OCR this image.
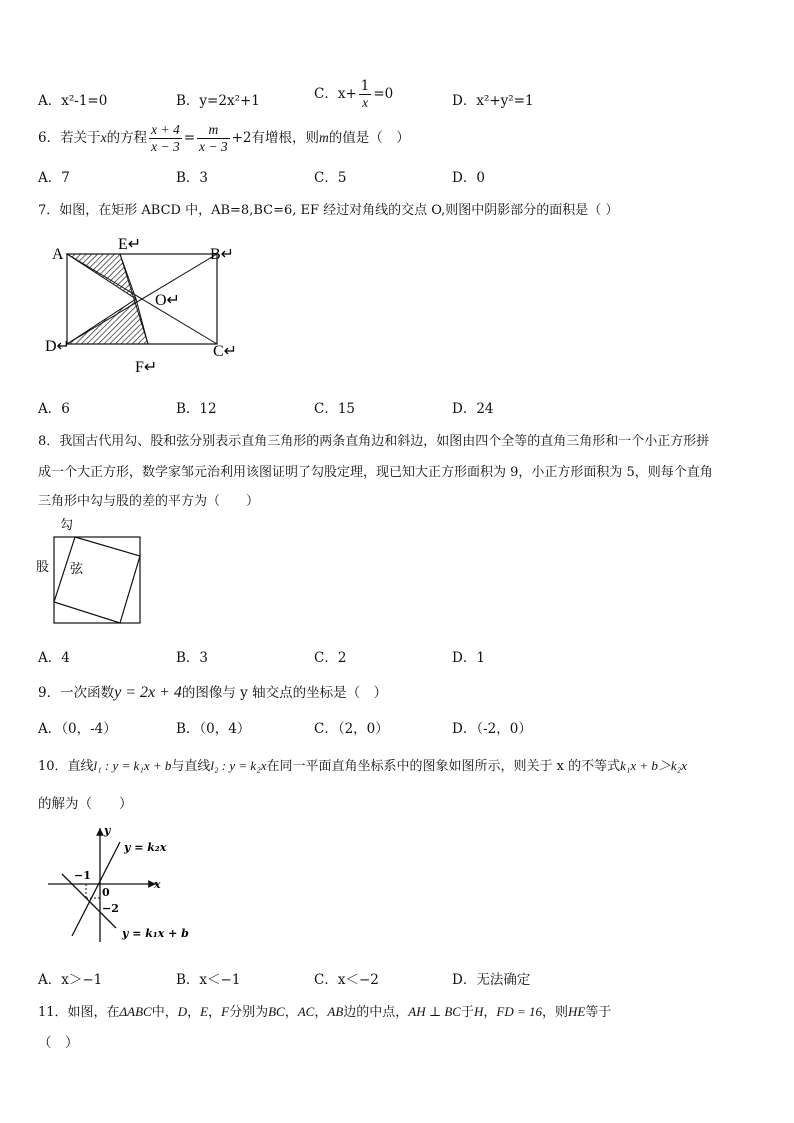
A．x²-1=0	B．y=2x²+1	C．$x+ \frac{1}{x} =0$	D．x²+y²=1
6．若关于x的方程 $\frac{x + 4}{x - 3} = \frac{m}{x - 3} +2$有增根，则m的值是（　）
A．7	B．3	C．5	D．0
7．如图，在矩形 ABCD 中，AB=8,BC=6, EF 经过对角线的交点 O,则图中阴影部分的面积是（ ）
A
E↵
B↵
O↵
D↵	C↵
F↵
A．6	B．12	C．15	D．24
8．我国古代用勾、股和弦分别表示直角三角形的两条直角边和斜边，如图由四个全等的直角三角形和一个小正方形拼
成一个大正方形，数学家邹元治利用该图证明了勾股定理，现已知大正方形面积为 9，小正方形面积为 5，则每个直角
三角形中勾与股的差的平方为（　　）
勾
股 弦
A．4	B．3	C．2	D．1
9．一次函数y = 2x + 4的图像与 y 轴交点的坐标是（　）
A．（0，-4）	B．（0，4）	C．（2，0）	D．（-2，0）
10．直线l₁ : y = k₁x + b与直线l₂ : y = k₂x在同一平面直角坐标系中的图象如图所示，则关于 x 的不等式k₁x + b＞k₂x
的解为（　　）
y
x
0
−1
−2
y = k₂x
y = k₁x + b
A．x＞−1	B．x＜−1	C．x＜−2	D．无法确定
11．如图，在ΔABC中，D，E，F分别为BC，AC，AB边的中点，AH ⊥ BC于H，FD = 16，则HE等于
（　）
